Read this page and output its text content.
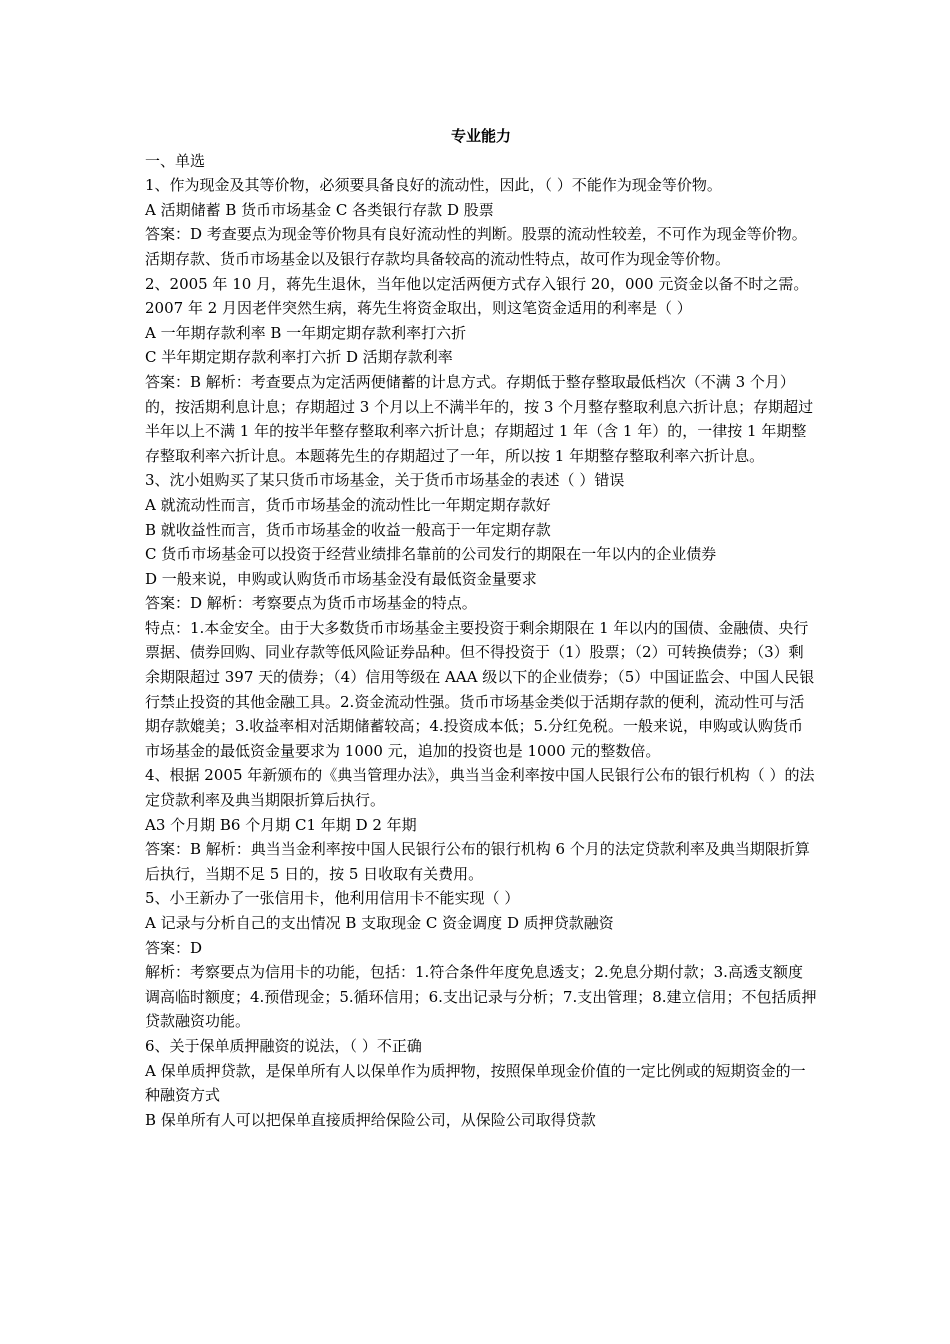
专业能力

一、单选

1、作为现金及其等价物，必须要具备良好的流动性，因此，（ ）不能作为现金等价物。

A 活期储蓄 B 货币市场基金 C 各类银行存款 D 股票

答案：D 考查要点为现金等价物具有良好流动性的判断。股票的流动性较差，不可作为现金等价物。活期存款、货币市场基金以及银行存款均具备较高的流动性特点，故可作为现金等价物。

2、2005 年 10 月，蒋先生退休，当年他以定活两便方式存入银行 20，000 元资金以备不时之需。2007 年 2 月因老伴突然生病，蒋先生将资金取出，则这笔资金适用的利率是（ ）

A 一年期存款利率 B 一年期定期存款利率打六折

C 半年期定期存款利率打六折 D 活期存款利率

答案：B 解析：考查要点为定活两便储蓄的计息方式。存期低于整存整取最低档次（不满 3 个月）的，按活期利息计息；存期超过 3 个月以上不满半年的，按 3 个月整存整取利息六折计息；存期超过半年以上不满 1 年的按半年整存整取利率六折计息；存期超过 1 年（含 1 年）的，一律按 1 年期整存整取利率六折计息。本题蒋先生的存期超过了一年，所以按 1 年期整存整取利率六折计息。

3、沈小姐购买了某只货币市场基金，关于货币市场基金的表述（ ）错误

A 就流动性而言，货币市场基金的流动性比一年期定期存款好

B 就收益性而言，货币市场基金的收益一般高于一年定期存款

C 货币市场基金可以投资于经营业绩排名靠前的公司发行的期限在一年以内的企业债券

D 一般来说，申购或认购货币市场基金没有最低资金量要求

答案：D 解析：考察要点为货币市场基金的特点。

特点：1.本金安全。由于大多数货币市场基金主要投资于剩余期限在 1 年以内的国债、金融债、央行票据、债券回购、同业存款等低风险证券品种。但不得投资于（1）股票；（2）可转换债券；（3）剩余期限超过 397 天的债券；（4）信用等级在 AAA 级以下的企业债券；（5）中国证监会、中国人民银行禁止投资的其他金融工具。2.资金流动性强。货币市场基金类似于活期存款的便利，流动性可与活期存款媲美；3.收益率相对活期储蓄较高；4.投资成本低；5.分红免税。一般来说，申购或认购货币市场基金的最低资金量要求为 1000 元，追加的投资也是 1000 元的整数倍。

4、根据 2005 年新颁布的《典当管理办法》，典当当金利率按中国人民银行公布的银行机构（ ）的法定贷款利率及典当期限折算后执行。

A3 个月期 B6 个月期 C1 年期 D 2 年期

答案：B 解析：典当当金利率按中国人民银行公布的银行机构 6 个月的法定贷款利率及典当期限折算后执行，当期不足 5 日的，按 5 日收取有关费用。

5、小王新办了一张信用卡，他利用信用卡不能实现（ ）

A 记录与分析自己的支出情况 B 支取现金 C 资金调度 D 质押贷款融资

答案：D

解析：考察要点为信用卡的功能，包括：1.符合条件年度免息透支；2.免息分期付款；3.高透支额度调高临时额度；4.预借现金；5.循环信用；6.支出记录与分析；7.支出管理；8.建立信用；不包括质押贷款融资功能。

6、关于保单质押融资的说法，（ ）不正确

A 保单质押贷款，是保单所有人以保单作为质押物，按照保单现金价值的一定比例或的短期资金的一种融资方式

B 保单所有人可以把保单直接质押给保险公司，从保险公司取得贷款
